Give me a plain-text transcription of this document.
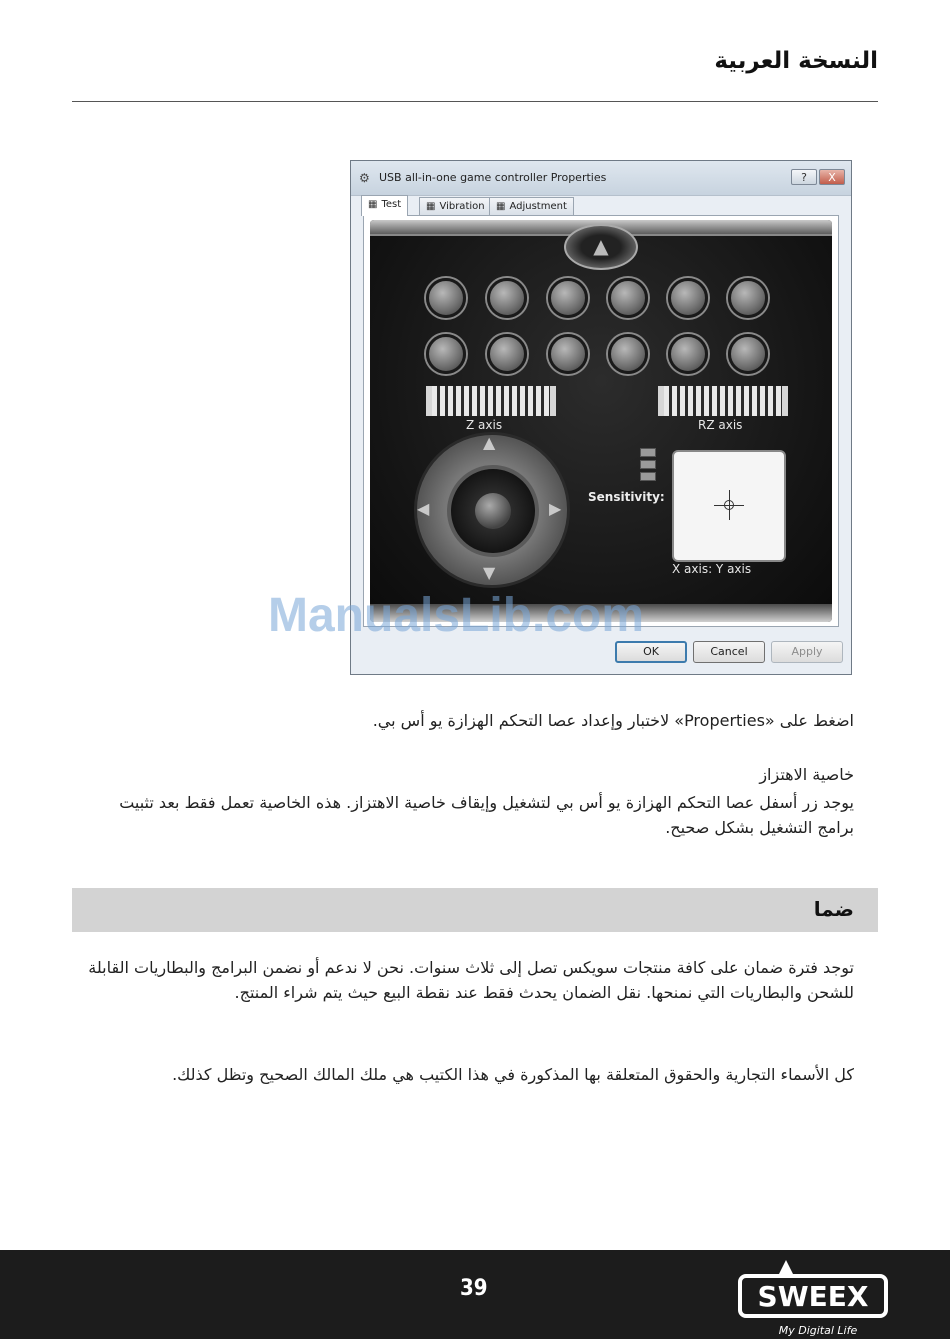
النسخة العربية
⚙ USB all-in-one game controller Properties	?	X
▦ Test	▦ Vibration	▦ Adjustment
▲
Z axis	RZ axis
▲
▼
◀	▶
Sensitivity:
X axis: Y axis
OK	Cancel	Apply
ManualsLib.com
اضغط على «Properties» لاختبار وإعداد عصا التحكم الهزازة يو أس بي.
خاصية الاهتزاز
يوجد زر أسفل عصا التحكم الهزازة يو أس بي لتشغيل وإيقاف خاصية الاهتزاز. هذه الخاصية تعمل فقط بعد تثبيت برامج التشغيل بشكل صحيح.
ضما
توجد فترة ضمان على كافة منتجات سويكس تصل إلى ثلاث سنوات. نحن لا ندعم أو نضمن البرامج والبطاريات القابلة للشحن والبطاريات التي نمنحها. نقل الضمان يحدث فقط عند نقطة البيع حيث يتم شراء المنتج.
كل الأسماء التجارية والحقوق المتعلقة بها المذكورة في هذا الكتيب هي ملك المالك الصحيح وتظل كذلك.
39	SWEEX
My Digital Life
